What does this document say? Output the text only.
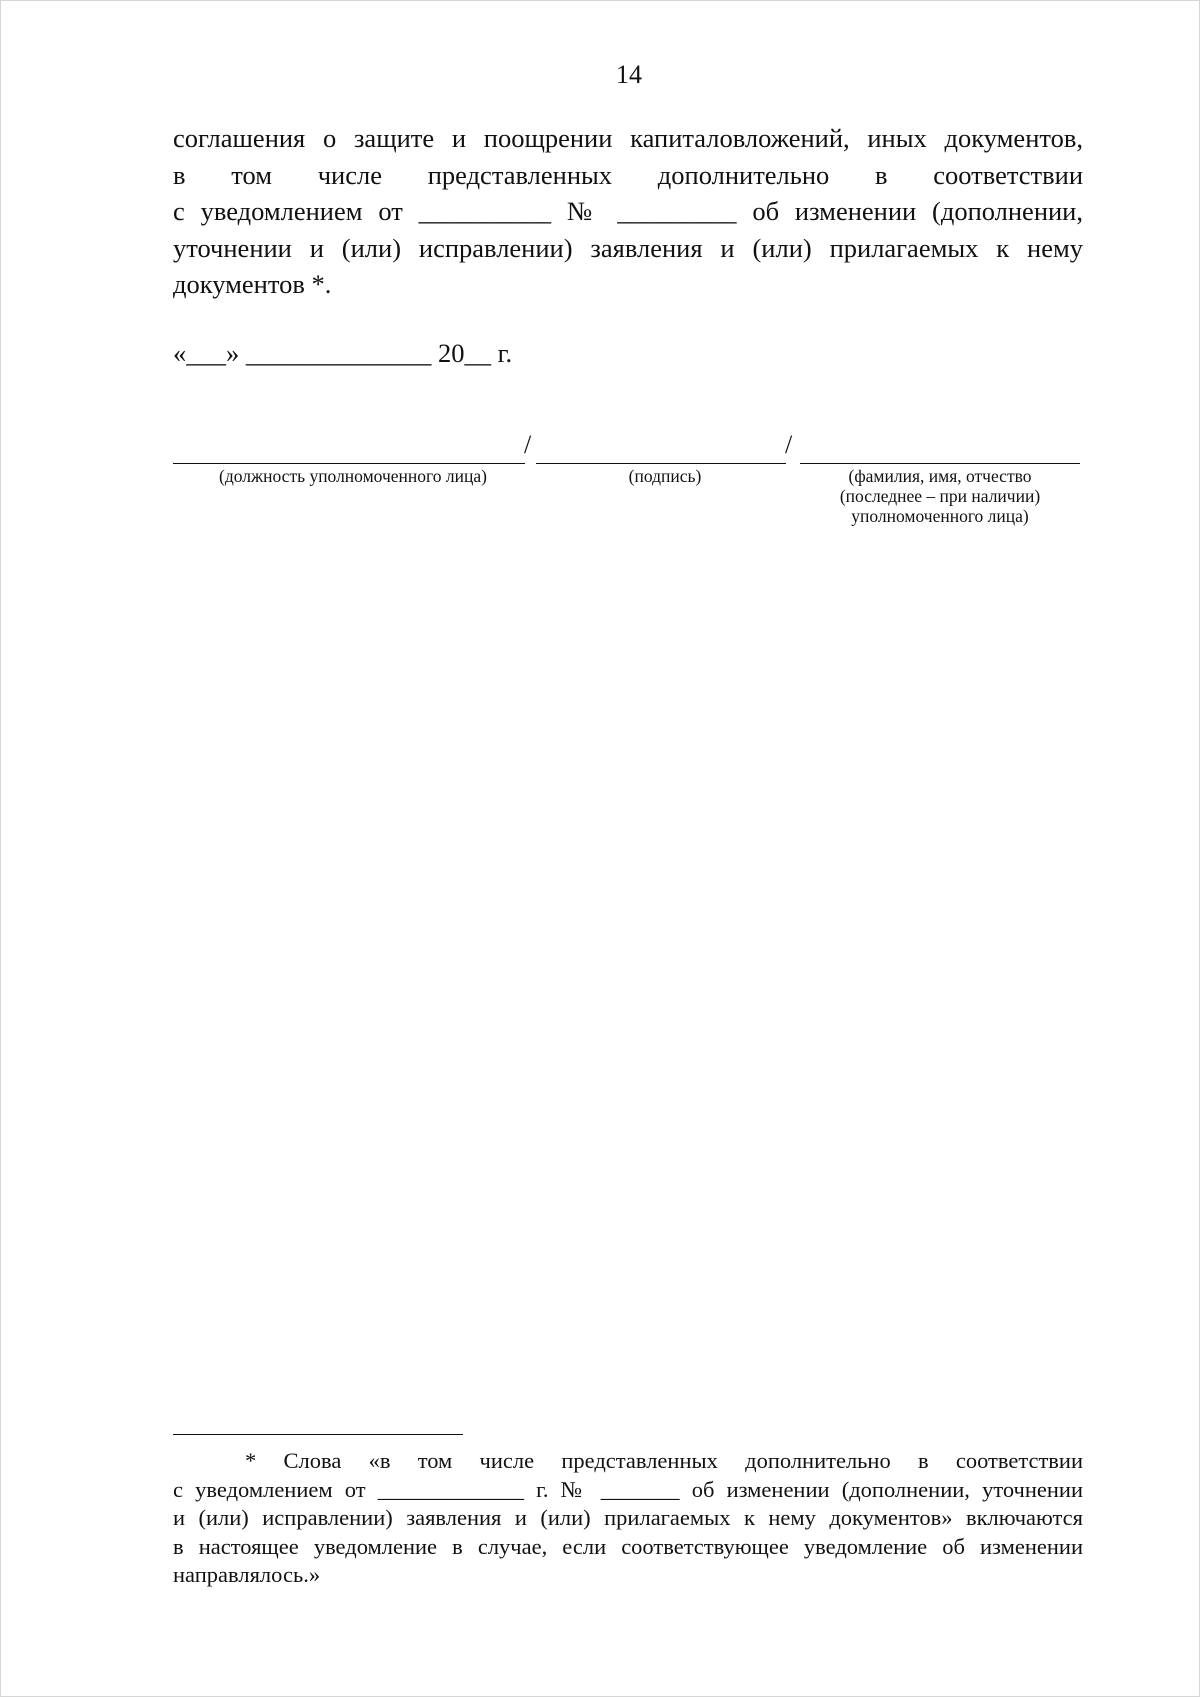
14

соглашения о защите и поощрении капиталовложений, иных документов,
в том числе представленных дополнительно в соответствии
с уведомлением от __________ № _________ об изменении (дополнении,
уточнении и (или) исправлении) заявления и (или) прилагаемых к нему
документов *.

«___» ______________ 20__ г.
/	/
(должность уполномоченного лица)	(подпись)	(фамилия, имя, отчество
(последнее – при наличии)
уполномоченного лица)

* Слова «в том числе представленных дополнительно в соответствии
с уведомлением от _____________ г. № _______ об изменении (дополнении, уточнении
и (или) исправлении) заявления и (или) прилагаемых к нему документов» включаются
в настоящее уведомление в случае, если соответствующее уведомление об изменении
направлялось.»
